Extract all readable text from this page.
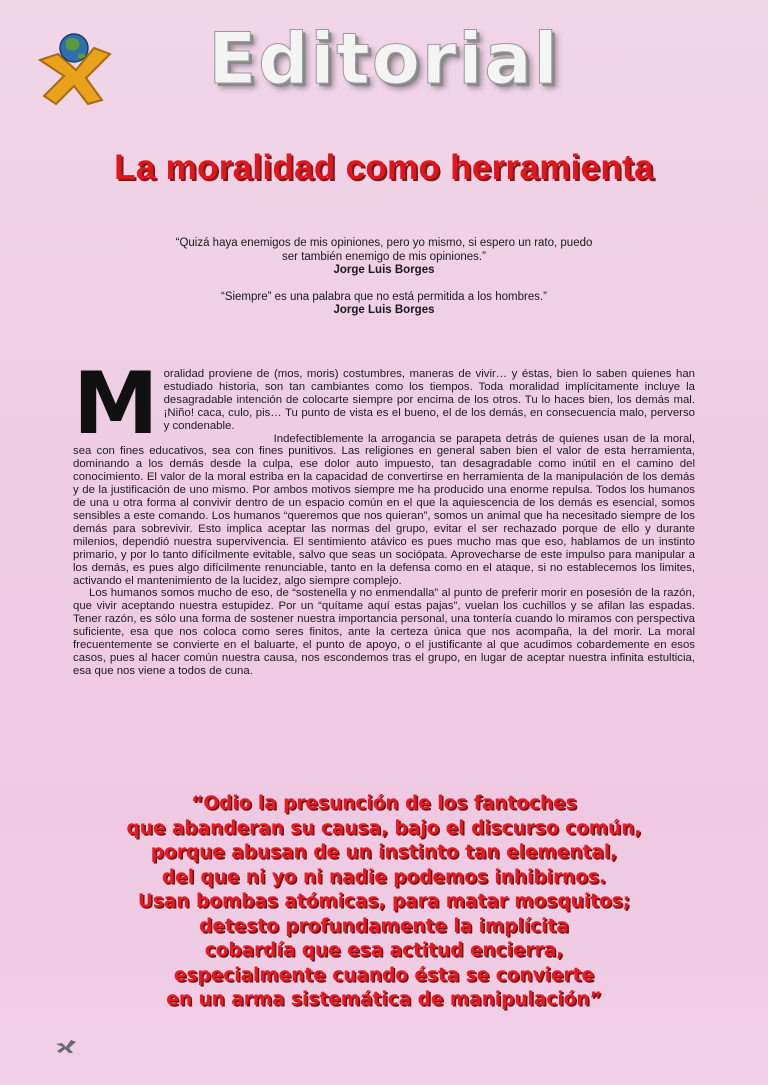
Editorial
La moralidad como herramienta

“Quizá haya enemigos de mis opiniones, pero yo mismo, si espero un rato, puedo

ser también enemigo de mis opiniones.”

Jorge Luis Borges

“Siempre” es una palabra que no está permitida a los hombres.”

Jorge Luis Borges

M oralidad proviene de (mos, moris) costumbres, maneras de vivir… y éstas, bien lo saben quienes han estudiado historia, son tan cambiantes como los tiempos. Toda moralidad implícitamente incluye la desagradable intención de colocarte siempre por encima de los otros. Tu lo haces bien, los demás mal. ¡Niño! caca, culo, pis… Tu punto de vista es el bueno, el de los demás, en consecuencia malo, perverso y condenable.

Indefectiblemente la arrogancia se parapeta detrás de quienes usan de la moral, sea con fines educativos, sea con fines punitivos. Las religiones en general saben bien el valor de esta herramienta, dominando a los demás desde la culpa, ese dolor auto impuesto, tan desagradable como inútil en el camino del conocimiento. El valor de la moral estriba en la capacidad de convertirse en herramienta de la manipulación de los demás y de la justificación de uno mismo. Por ambos motivos siempre me ha producido una enorme repulsa. Todos los humanos de una u otra forma al convivir dentro de un espacio común en el que la aquiescencia de los demás es esencial, somos sensibles a este comando. Los humanos “queremos que nos quieran”, somos un animal que ha necesitado siempre de los demás para sobrevivir. Esto implica aceptar las normas del grupo, evitar el ser rechazado porque de ello y durante milenios, dependió nuestra supervivencia. El sentimiento atávico es pues mucho mas que eso, hablamos de un instinto primario, y por lo tanto difícilmente evitable, salvo que seas un sociópata. Aprovecharse de este impulso para manipular a los demás, es pues algo difícilmente renunciable, tanto en la defensa como en el ataque, si no establecemos los limites, activando el mantenimiento de la lucidez, algo siempre complejo.

Los humanos somos mucho de eso, de “sostenella y no enmendalla” al punto de preferir morir en posesión de la razón, que vivir aceptando nuestra estupidez. Por un “quítame aquí estas pajas”, vuelan los cuchillos y se afilan las espadas. Tener razón, es sólo una forma de sostener nuestra importancia personal, una tontería cuando lo miramos con perspectiva suficiente, esa que nos coloca como seres finitos, ante la certeza única que nos acompaña, la del morir. La moral frecuentemente se convierte en el baluarte, el punto de apoyo, o el justificante al que acudimos cobardemente en esos casos, pues al hacer común nuestra causa, nos escondemos tras el grupo, en lugar de aceptar nuestra infinita estulticia, esa que nos viene a todos de cuna.

“Odio la presunción de los fantoches
que abanderan su causa, bajo el discurso común,
porque abusan de un instinto tan elemental,
del que ni yo ni nadie podemos inhibirnos.
Usan bombas atómicas, para matar mosquitos;
detesto profundamente la implícita
cobardía que esa actitud encierra,
especialmente cuando ésta se convierte
en un arma sistemática de manipulación”
